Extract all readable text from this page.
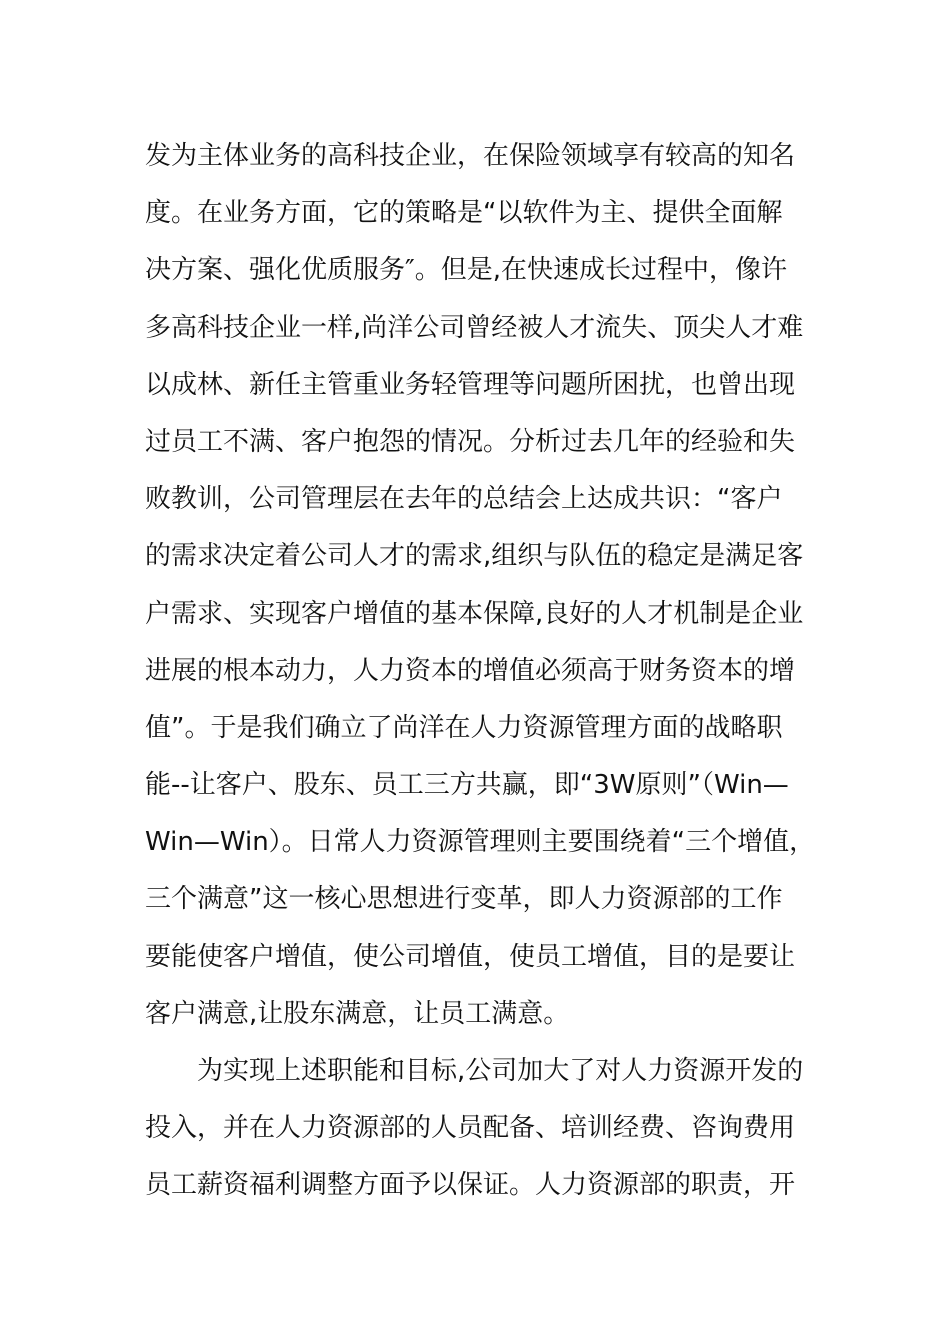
发为主体业务的高科技企业，在保险领域享有较高的知名
度。在业务方面，它的策略是“以软件为主、提供全面解
决方案、强化优质服务″。但是,在快速成长过程中，像许
多高科技企业一样,尚洋公司曾经被人才流失、顶尖人才难
以成林、新任主管重业务轻管理等问题所困扰，也曾出现
过员工不满、客户抱怨的情况。分析过去几年的经验和失
败教训，公司管理层在去年的总结会上达成共识：“客户
的需求决定着公司人才的需求,组织与队伍的稳定是满足客
户需求、实现客户增值的基本保障,良好的人才机制是企业
进展的根本动力，人力资本的增值必须高于财务资本的增
值”。于是我们确立了尚洋在人力资源管理方面的战略职
能--让客户、股东、员工三方共赢，即“3W原则”（Win—
Win—Win）。日常人力资源管理则主要围绕着“三个增值，
三个满意”这一核心思想进行变革，即人力资源部的工作
要能使客户增值，使公司增值，使员工增值，目的是要让
客户满意,让股东满意，让员工满意。
为实现上述职能和目标,公司加大了对人力资源开发的
投入，并在人力资源部的人员配备、培训经费、咨询费用
员工薪资福利调整方面予以保证。人力资源部的职责，开
